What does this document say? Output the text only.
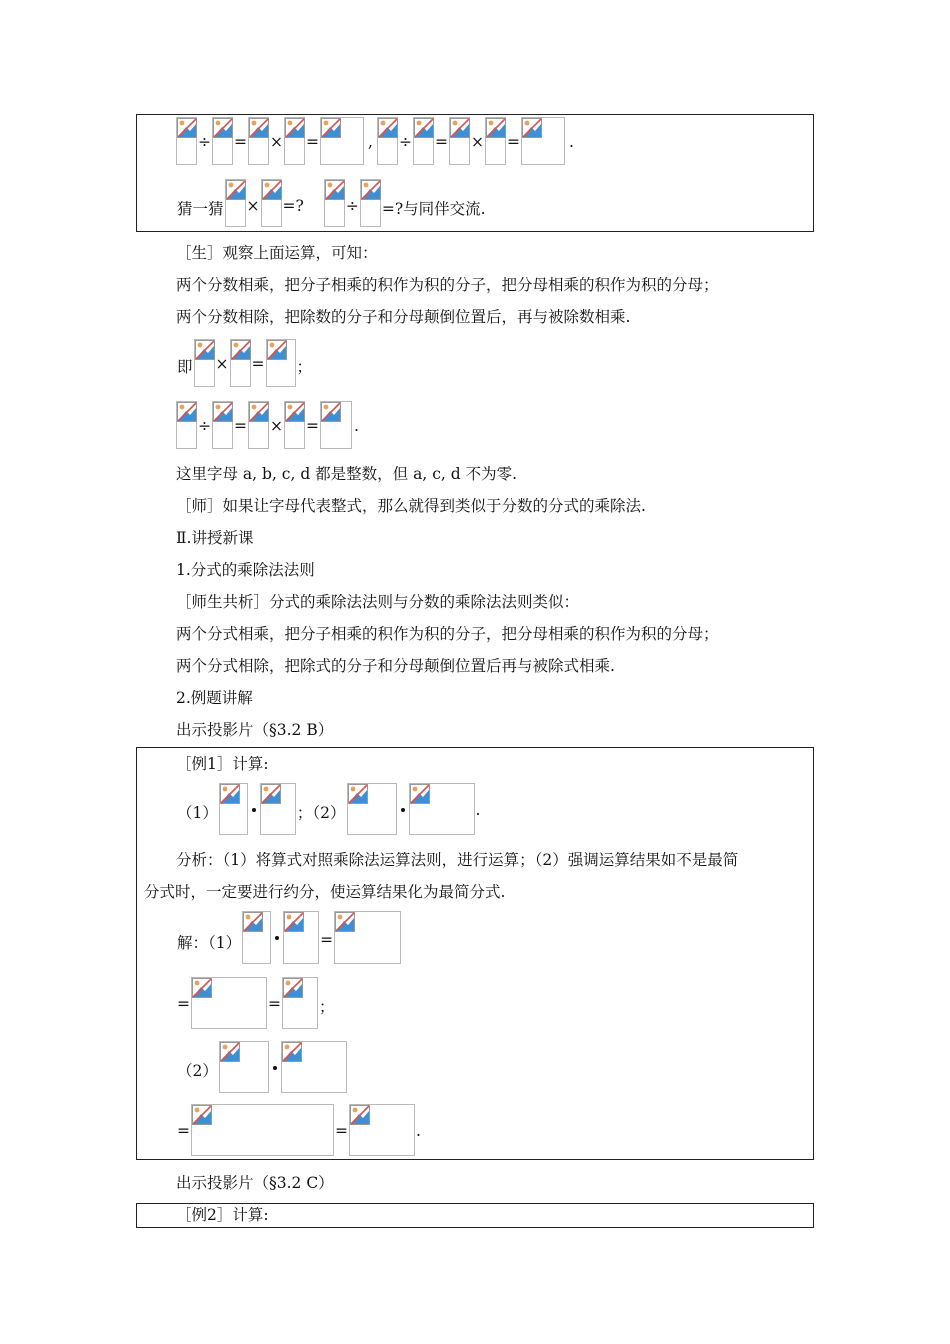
÷ = × =	, ÷ = × =	.
猜一猜 × =?	÷ =?与同伴交流.
［生］观察上面运算，可知：
两个分数相乘，把分子相乘的积作为积的分子，把分母相乘的积作为积的分母；
两个分数相除，把除数的分子和分母颠倒位置后，再与被除数相乘.
即 × = ；
÷ = × = .
这里字母 a, b, c, d 都是整数，但 a, c, d 不为零.
［师］如果让字母代表整式，那么就得到类似于分数的分式的乘除法.
Ⅱ.讲授新课
1.分式的乘除法法则
［师生共析］分式的乘除法法则与分数的乘除法法则类似：
两个分式相乘，把分子相乘的积作为积的分子，把分母相乘的积作为积的分母；
两个分式相除，把除式的分子和分母颠倒位置后再与被除式相乘.
2.例题讲解
出示投影片（§3.2 B）
［例1］计算:
（1）	；（2）	.
分析：（1）将算式对照乘除法运算法则，进行运算；（2）强调运算结果如不是最简
分式时，一定要进行约分，使运算结果化为最简分式.
解：（1）	=
=	= ；
（2）
=	=	.
出示投影片（§3.2 C）
［例2］计算:
